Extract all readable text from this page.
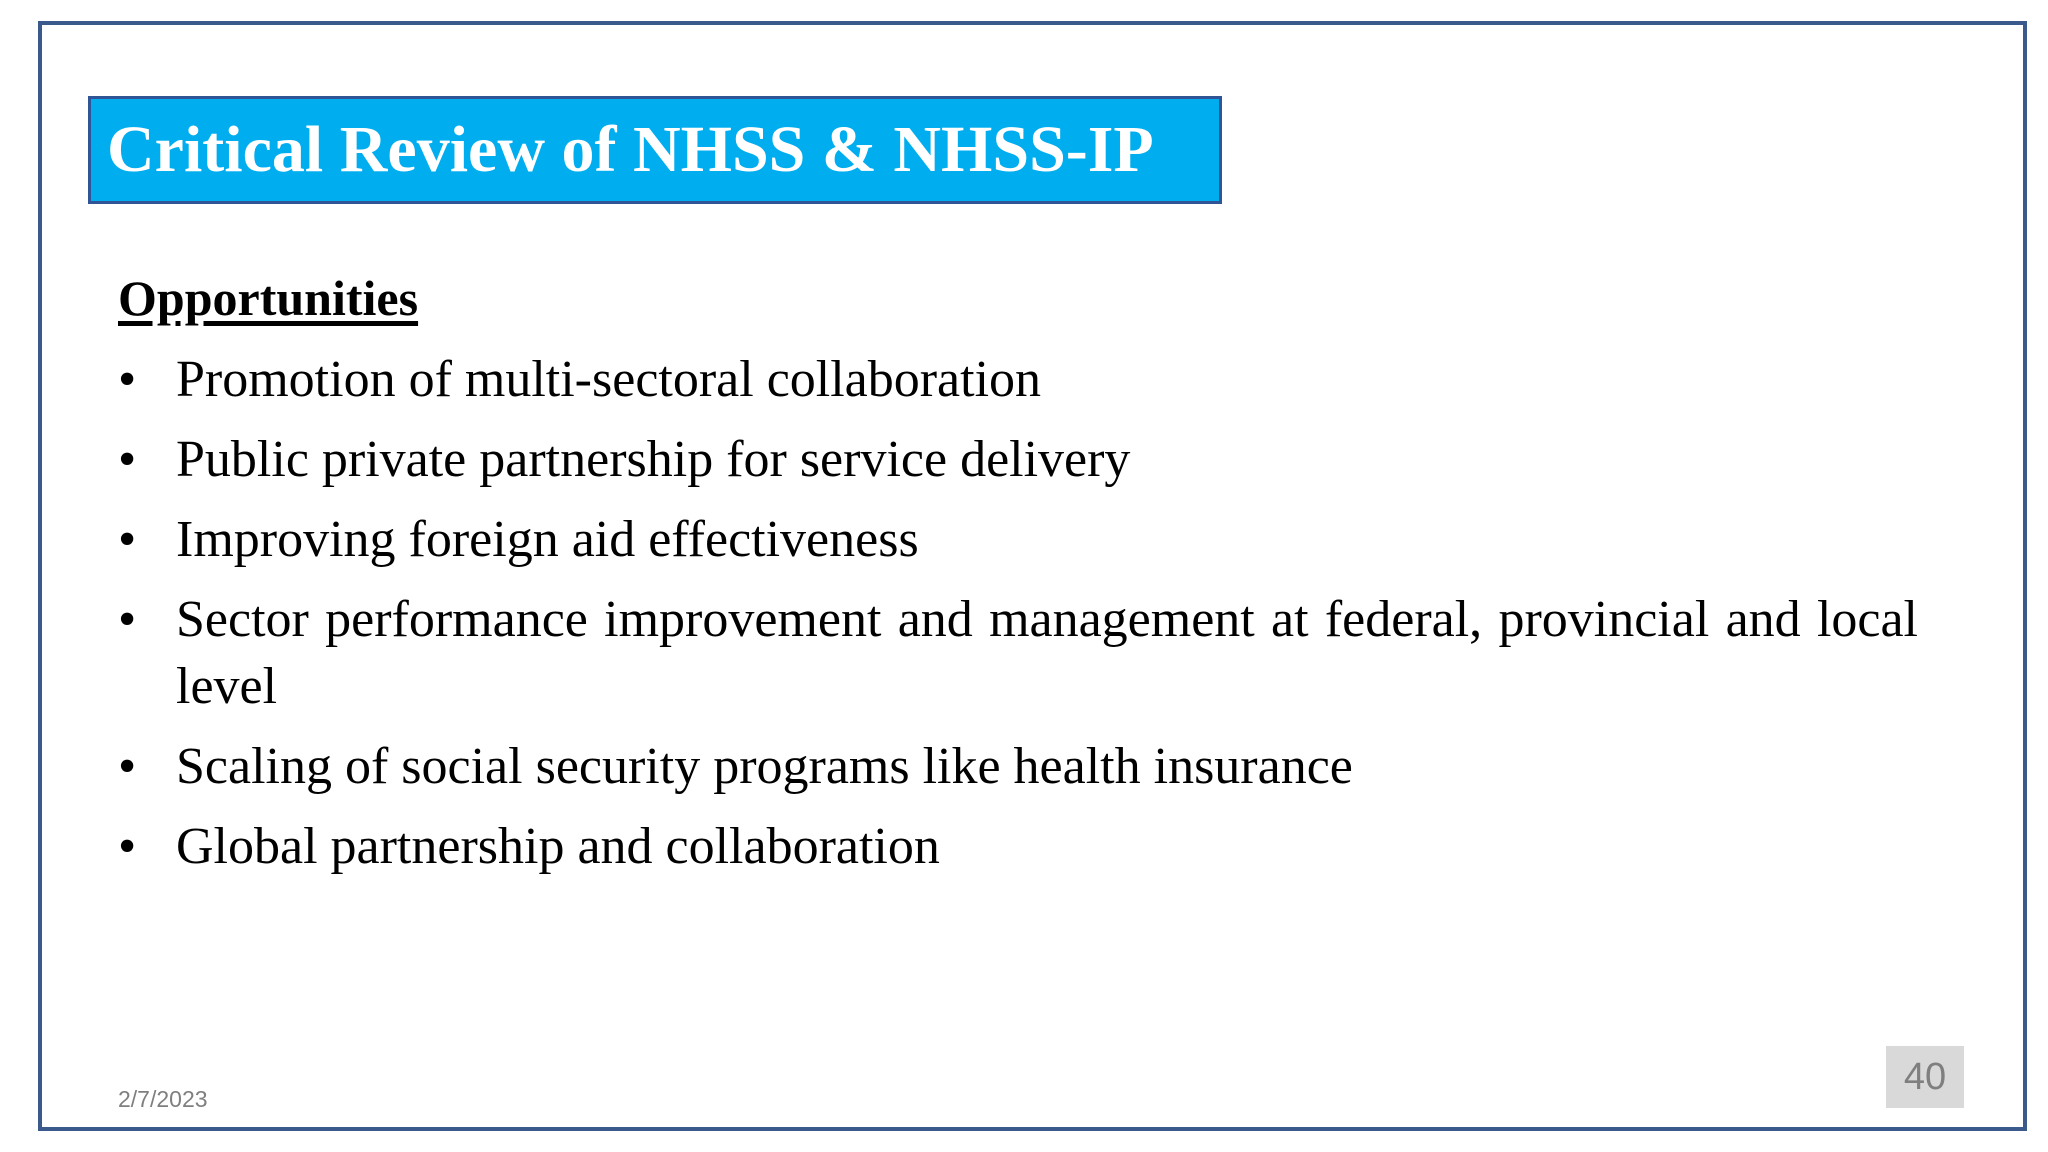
Critical Review of NHSS & NHSS-IP
Opportunities
• Promotion of multi-sectoral collaboration
• Public private partnership for service delivery
• Improving foreign aid effectiveness
• Sector performance improvement and management at federal, provincial and local level
• Scaling of social security programs like health insurance
• Global partnership and collaboration
2/7/2023
40
